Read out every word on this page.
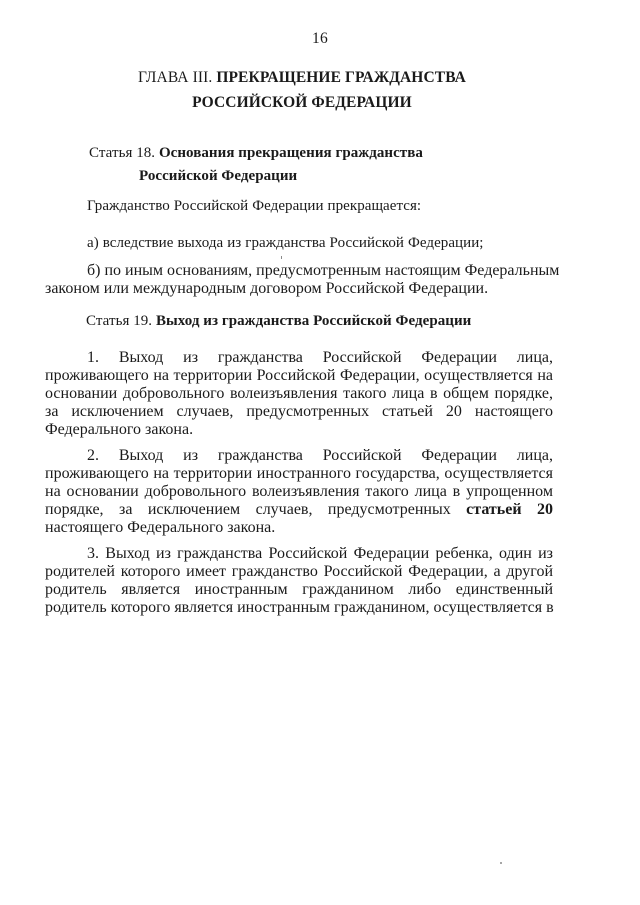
16
ГЛАВА III. ПРЕКРАЩЕНИЕ ГРАЖДАНСТВА
РОССИЙСКОЙ ФЕДЕРАЦИИ
Статья 18. Основания прекращения гражданства
Российской Федерации

Гражданство Российской Федерации прекращается:

а) вследствие выхода из гражданства Российской Федерации;

б) по иным основаниям, предусмотренным настоящим Федеральным
законом или международным договором Российской Федерации.
Статья 19. Выход из гражданства Российской Федерации
1. Выход из гражданства Российской Федерации лица,
проживающего на территории Российской Федерации, осуществляется на
основании добровольного волеизъявления такого лица в общем порядке,
за исключением случаев, предусмотренных статьей 20 настоящего
Федерального закона.
2. Выход из гражданства Российской Федерации лица,
проживающего на территории иностранного государства, осуществляется
на основании добровольного волеизъявления такого лица в упрощенном
порядке, за исключением случаев, предусмотренных статьей 20
настоящего Федерального закона.
3. Выход из гражданства Российской Федерации ребенка, один из
родителей которого имеет гражданство Российской Федерации, а другой
родитель является иностранным гражданином либо единственный
родитель которого является иностранным гражданином, осуществляется в
